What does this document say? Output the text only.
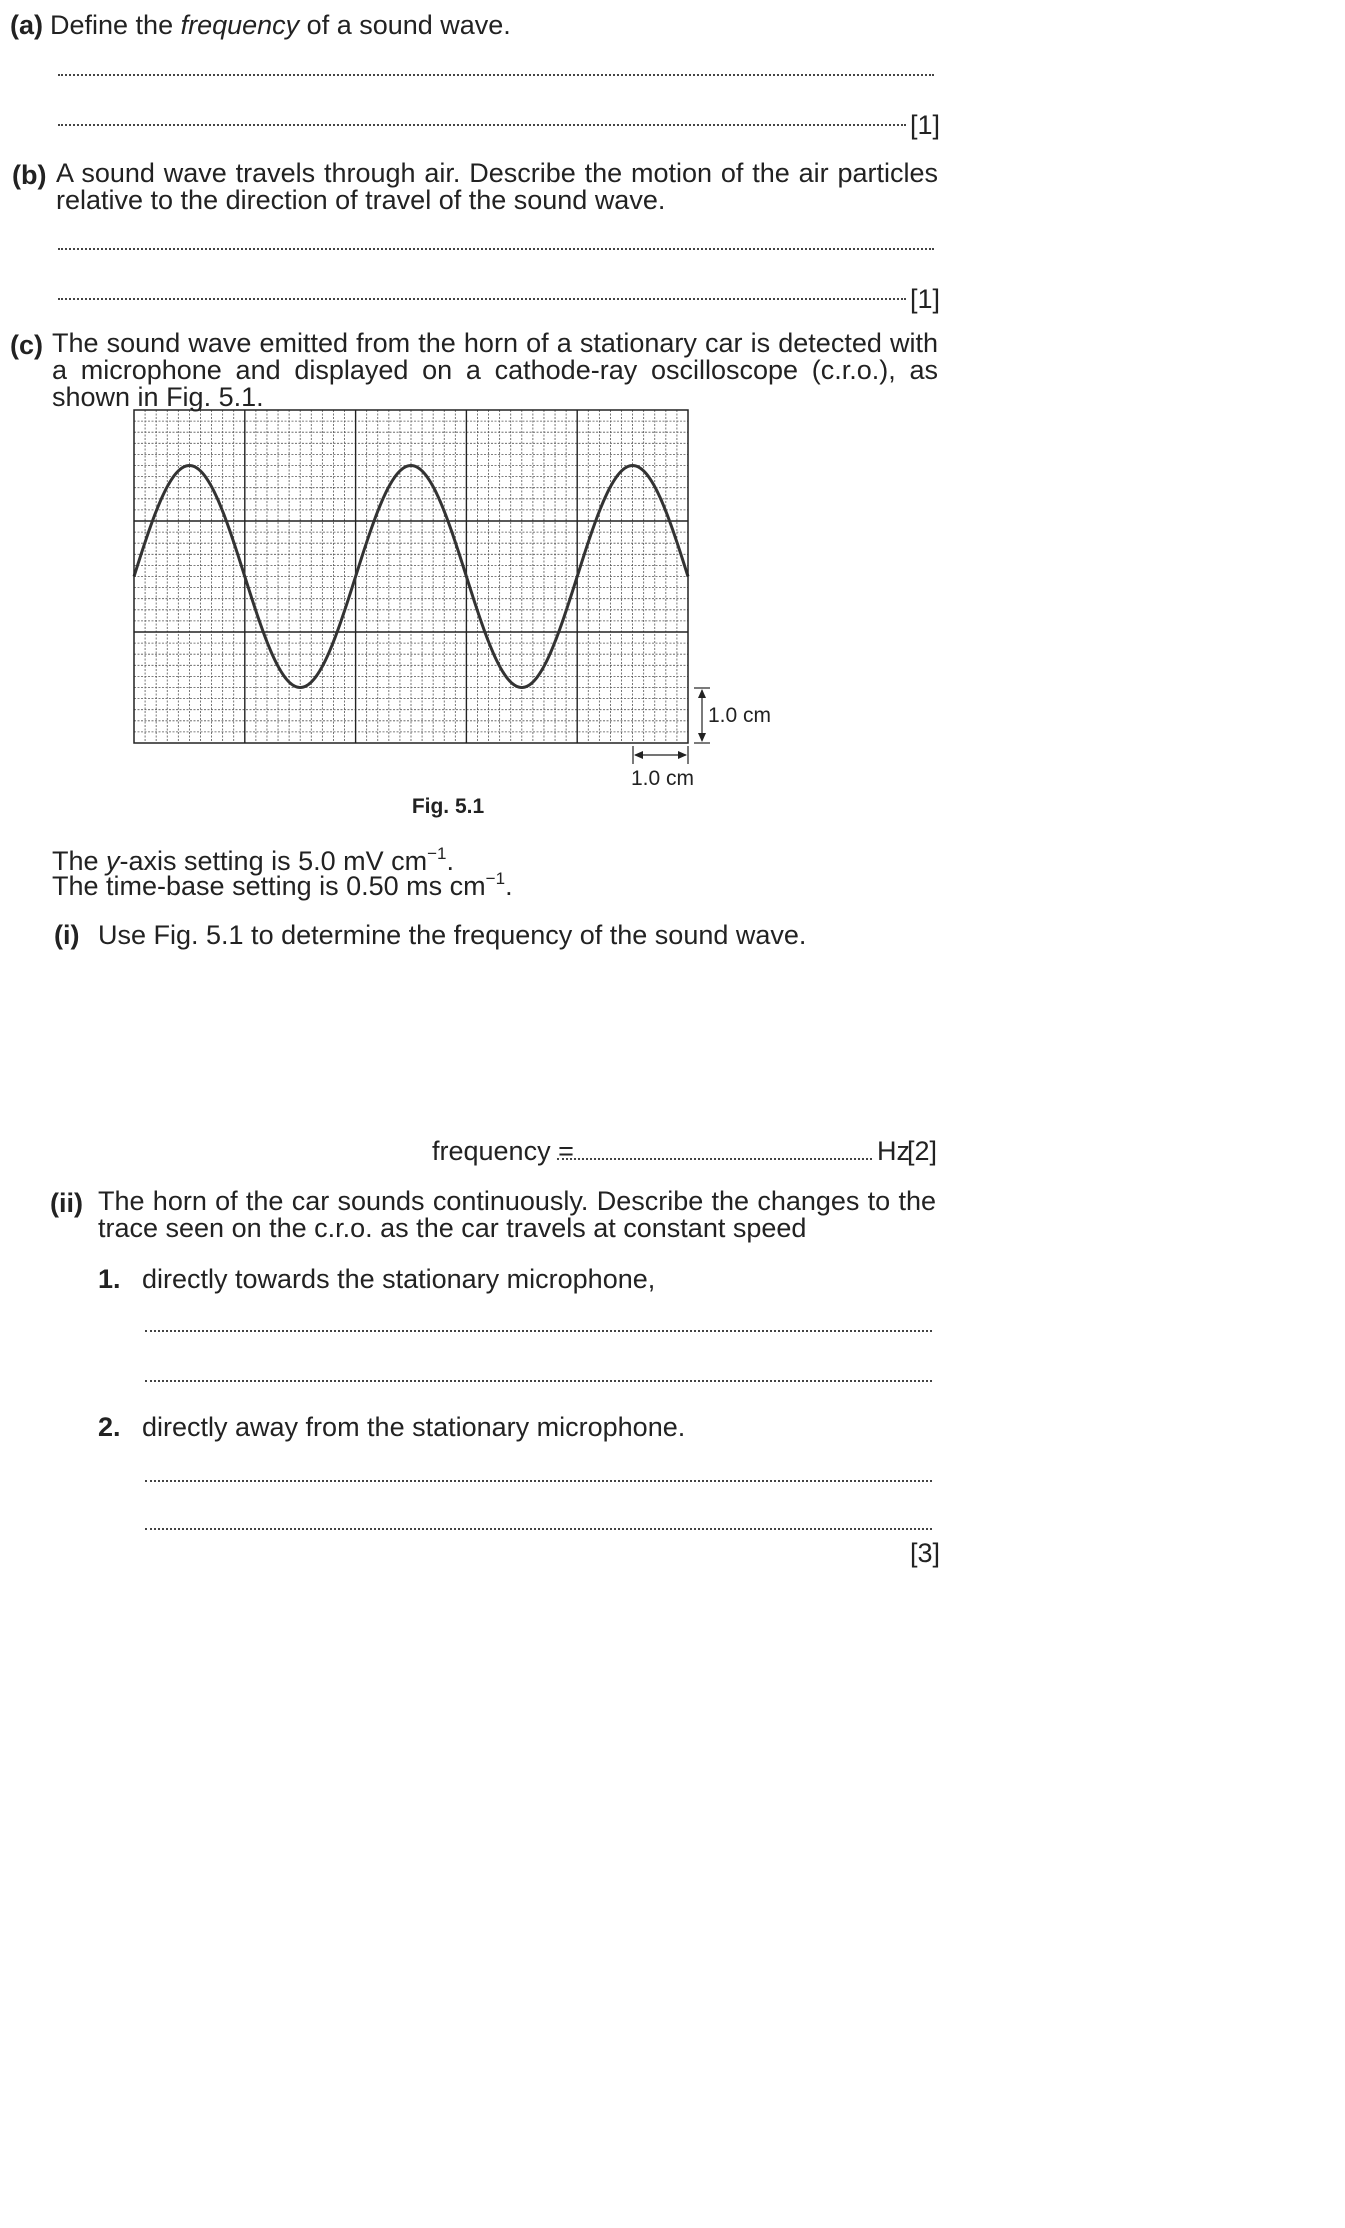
(a) Define the frequency of a sound wave.
[1]
(b) A sound wave travels through air. Describe the motion of the air particles relative to the direction of travel of the sound wave.
[1]
(c) The sound wave emitted from the horn of a stationary car is detected with a microphone and displayed on a cathode-ray oscilloscope (c.r.o.), as shown in Fig. 5.1.
1.0 cm
1.0 cm
Fig. 5.1
The y-axis setting is 5.0 mV $cm^{-1}$.
The time-base setting is 0.50 ms $cm^{-1}$.
(i) Use Fig. 5.1 to determine the frequency of the sound wave.
frequency =	Hz
[2]
(ii) The horn of the car sounds continuously. Describe the changes to the trace seen on the c.r.o. as the car travels at constant speed
1. directly towards the stationary microphone,
2. directly away from the stationary microphone.
[3]
